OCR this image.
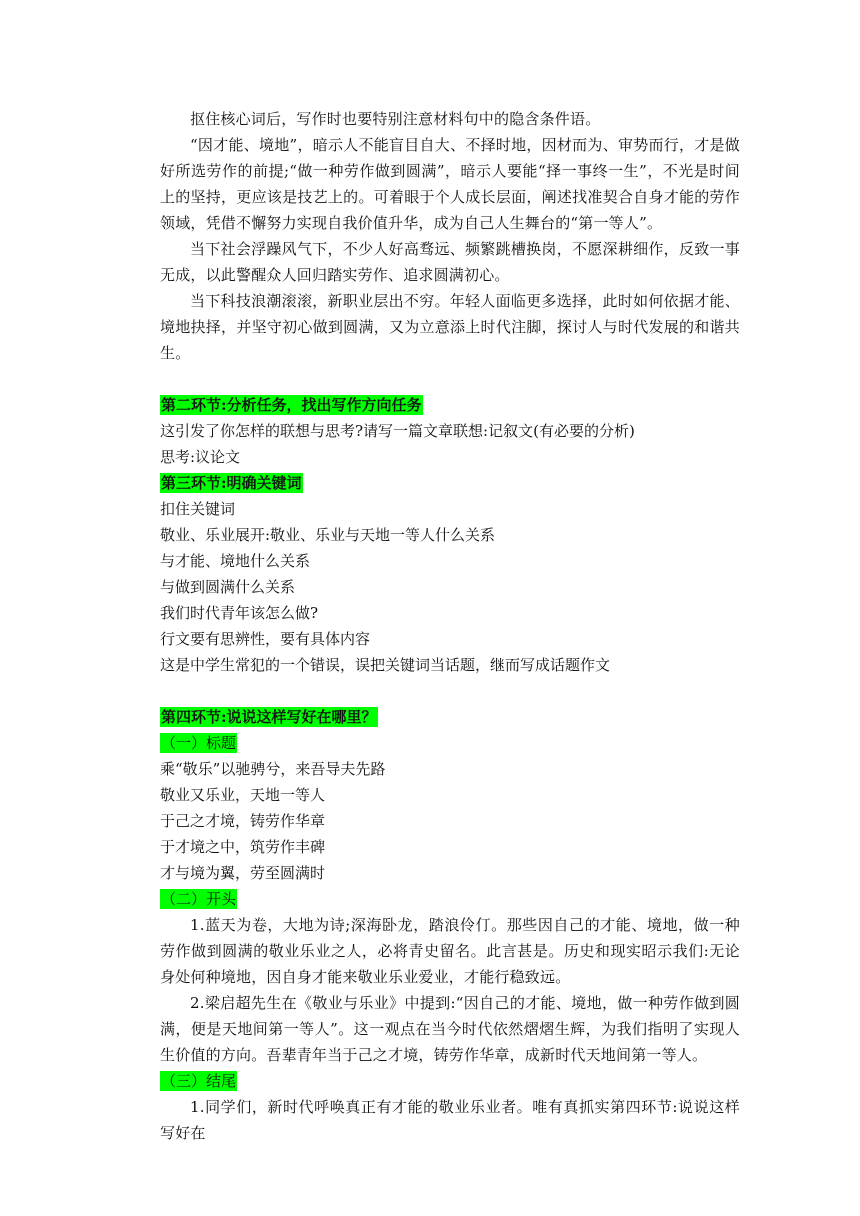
抠住核心词后，写作时也要特别注意材料句中的隐含条件语。

“因才能、境地”，暗示人不能盲目自大、不择时地，因材而为、审势而行，才是做好所选劳作的前提;“做一种劳作做到圆满”，暗示人要能“择一事终一生”，不光是时间上的坚持，更应该是技艺上的。可着眼于个人成长层面，阐述找准契合自身才能的劳作领域，凭借不懈努力实现自我价值升华，成为自己人生舞台的“第一等人”。

当下社会浮躁风气下，不少人好高骛远、频繁跳槽换岗，不愿深耕细作，反致一事无成，以此警醒众人回归踏实劳作、追求圆满初心。

当下科技浪潮滚滚，新职业层出不穷。年轻人面临更多选择，此时如何依据才能、境地抉择，并坚守初心做到圆满，又为立意添上时代注脚，探讨人与时代发展的和谐共生。

第二环节:分析任务，找出写作方向任务

这引发了你怎样的联想与思考?请写一篇文章联想:记叙文(有必要的分析)

思考:议论文

第三环节:明确关键词

扣住关键词

敬业、乐业展开:敬业、乐业与天地一等人什么关系

与才能、境地什么关系

与做到圆满什么关系

我们时代青年该怎么做?

行文要有思辨性，要有具体内容

这是中学生常犯的一个错误，误把关键词当话题，继而写成话题作文

第四环节:说说这样写好在哪里？

（一）标题

乘“敬乐”以驰骋兮，来吾导夫先路

敬业又乐业，天地一等人

于己之才境，铸劳作华章

于才境之中，筑劳作丰碑

才与境为翼，劳至圆满时

（二）开头

1.蓝天为卷，大地为诗;深海卧龙，踏浪伶仃。那些因自己的才能、境地，做一种劳作做到圆满的敬业乐业之人，必将青史留名。此言甚是。历史和现实昭示我们:无论身处何种境地，因自身才能来敬业乐业爱业，才能行稳致远。

2.梁启超先生在《敬业与乐业》中提到:“因自己的才能、境地，做一种劳作做到圆满，便是天地间第一等人”。这一观点在当今时代依然熠熠生辉，为我们指明了实现人生价值的方向。吾辈青年当于己之才境，铸劳作华章，成新时代天地间第一等人。

（三）结尾

1.同学们，新时代呼唤真正有才能的敬业乐业者。唯有真抓实第四环节:说说这样写好在
